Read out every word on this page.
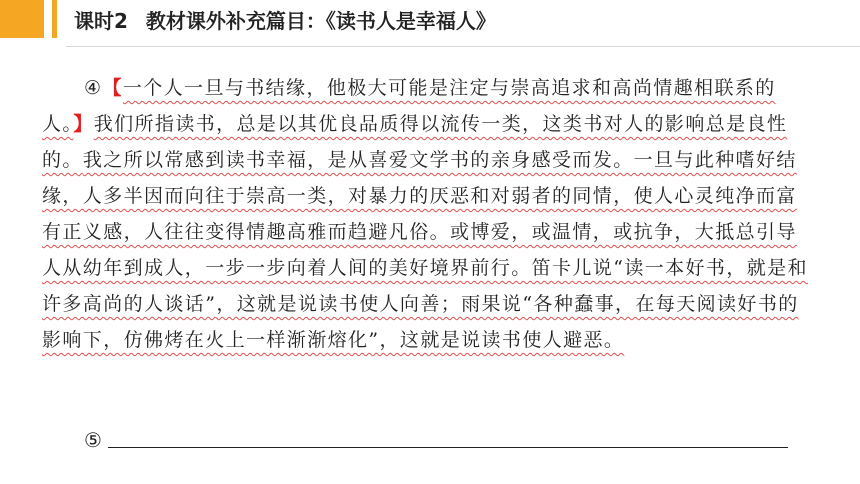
课时2 教材课外补充篇目：《读书人是幸福人》
④【一个人一旦与书结缘，他极大可能是注定与崇高追求和高尚情趣相联系的人。】我们所指读书，总是以其优良品质得以流传一类，这类书对人的影响总是良性的。我之所以常感到读书幸福，是从喜爱文学书的亲身感受而发。一旦与此种嗜好结缘，人多半因而向往于崇高一类，对暴力的厌恶和对弱者的同情，使人心灵纯净而富有正义感，人往往变得情趣高雅而趋避凡俗。或博爱，或温情，或抗争，大抵总引导人从幼年到成人，一步一步向着人间的美好境界前行。笛卡儿说“读一本好书，就是和许多高尚的人谈话”，这就是说读书使人向善；雨果说“各种蠢事，在每天阅读好书的影响下，仿佛烤在火上一样渐渐熔化”，这就是说读书使人避恶。
⑤
